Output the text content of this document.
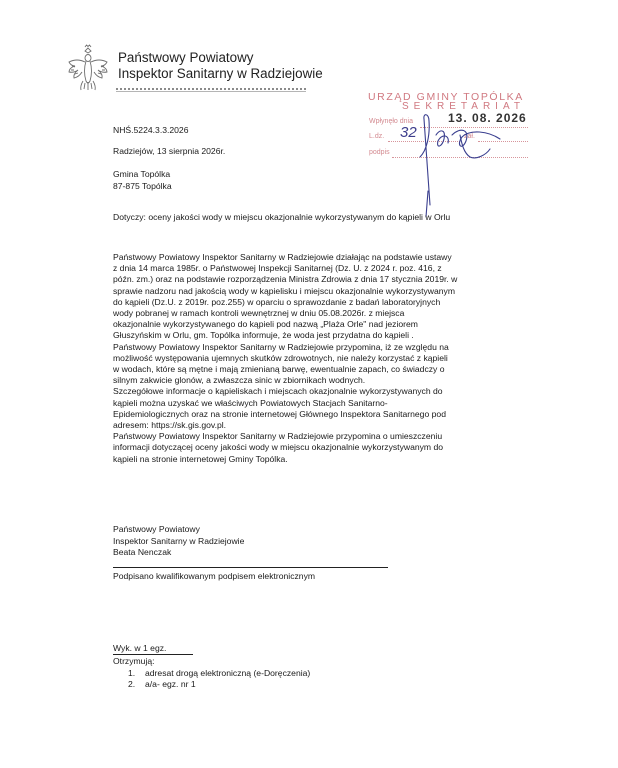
Państwowy Powiatowy
Inspektor Sanitarny w Radziejowie
URZĄD GMINY TOPÓLKA
SEKRETARIAT
Wpłynęło dnia	13. 08. 2026
L.dz. 32	zał.
podpis
NHŚ.5224.3.3.2026
Radziejów, 13 sierpnia 2026r.
Gmina Topólka
87-875 Topólka
Dotyczy: oceny jakości wody w miejscu okazjonalnie wykorzystywanym do kąpieli w Orlu
Państwowy Powiatowy Inspektor Sanitarny w Radziejowie działając na podstawie ustawy
z dnia 14 marca 1985r. o Państwowej Inspekcji Sanitarnej (Dz. U. z 2024 r. poz. 416, z
późn. zm.) oraz na podstawie rozporządzenia Ministra Zdrowia z dnia 17 stycznia 2019r. w
sprawie nadzoru nad jakością wody w kąpielisku i miejscu okazjonalnie wykorzystywanym
do kąpieli (Dz.U. z 2019r. poz.255) w oparciu o sprawozdanie z badań laboratoryjnych
wody pobranej w ramach kontroli wewnętrznej w dniu 05.08.2026r. z miejsca
okazjonalnie wykorzystywanego do kąpieli pod nazwą „Plaża Orle" nad jeziorem
Głuszyńskim w Orlu, gm. Topólka informuje, że woda jest przydatna do kąpieli .
Państwowy Powiatowy Inspektor Sanitarny w Radziejowie przypomina, iż ze względu na
możliwość występowania ujemnych skutków zdrowotnych, nie należy korzystać z kąpieli
w wodach, które są mętne i mają zmienianą barwę, ewentualnie zapach, co świadczy o
silnym zakwicie glonów, a zwłaszcza sinic w zbiornikach wodnych.
Szczegółowe informacje o kąpieliskach i miejscach okazjonalnie wykorzystywanych do
kąpieli można uzyskać we właściwych Powiatowych Stacjach Sanitarno-
Epidemiologicznych oraz na stronie internetowej Głównego Inspektora Sanitarnego pod
adresem: https://sk.gis.gov.pl.
Państwowy Powiatowy Inspektor Sanitarny w Radziejowie przypomina o umieszczeniu
informacji dotyczącej oceny jakości wody w miejscu okazjonalnie wykorzystywanym do
kąpieli na stronie internetowej Gminy Topólka.
Państwowy Powiatowy
Inspektor Sanitarny w Radziejowie
Beata Nenczak
Podpisano kwalifikowanym podpisem elektronicznym
Wyk. w 1 egz.
Otrzymują:
1. adresat drogą elektroniczną (e-Doręczenia)
2. a/a- egz. nr 1
